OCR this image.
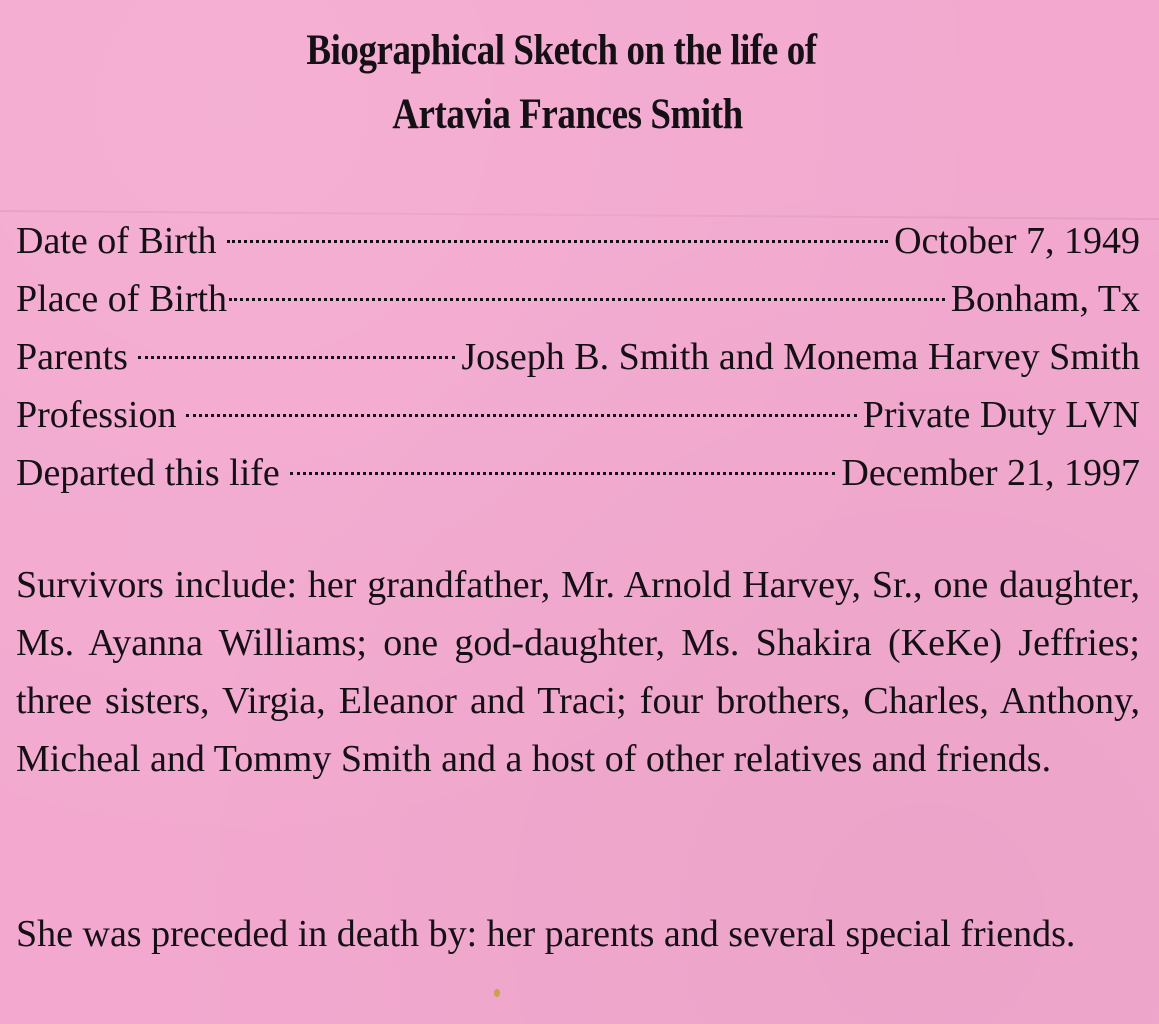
Biographical Sketch on the life of
Artavia Frances Smith
Date of Birth	October 7, 1949
Place of Birth	Bonham, Tx
Parents	Joseph B. Smith and Monema Harvey Smith
Profession	Private Duty LVN
Departed this life	December 21, 1997

Survivors include: her grandfather, Mr. Arnold Harvey, Sr., one daughter, Ms. Ayanna Williams; one god-daughter, Ms. Shakira (KeKe) Jeffries; three sisters, Virgia, Eleanor and Traci; four brothers, Charles, Anthony, Micheal and Tommy Smith and a host of other relatives and friends.

She was preceded in death by: her parents and several special friends.
